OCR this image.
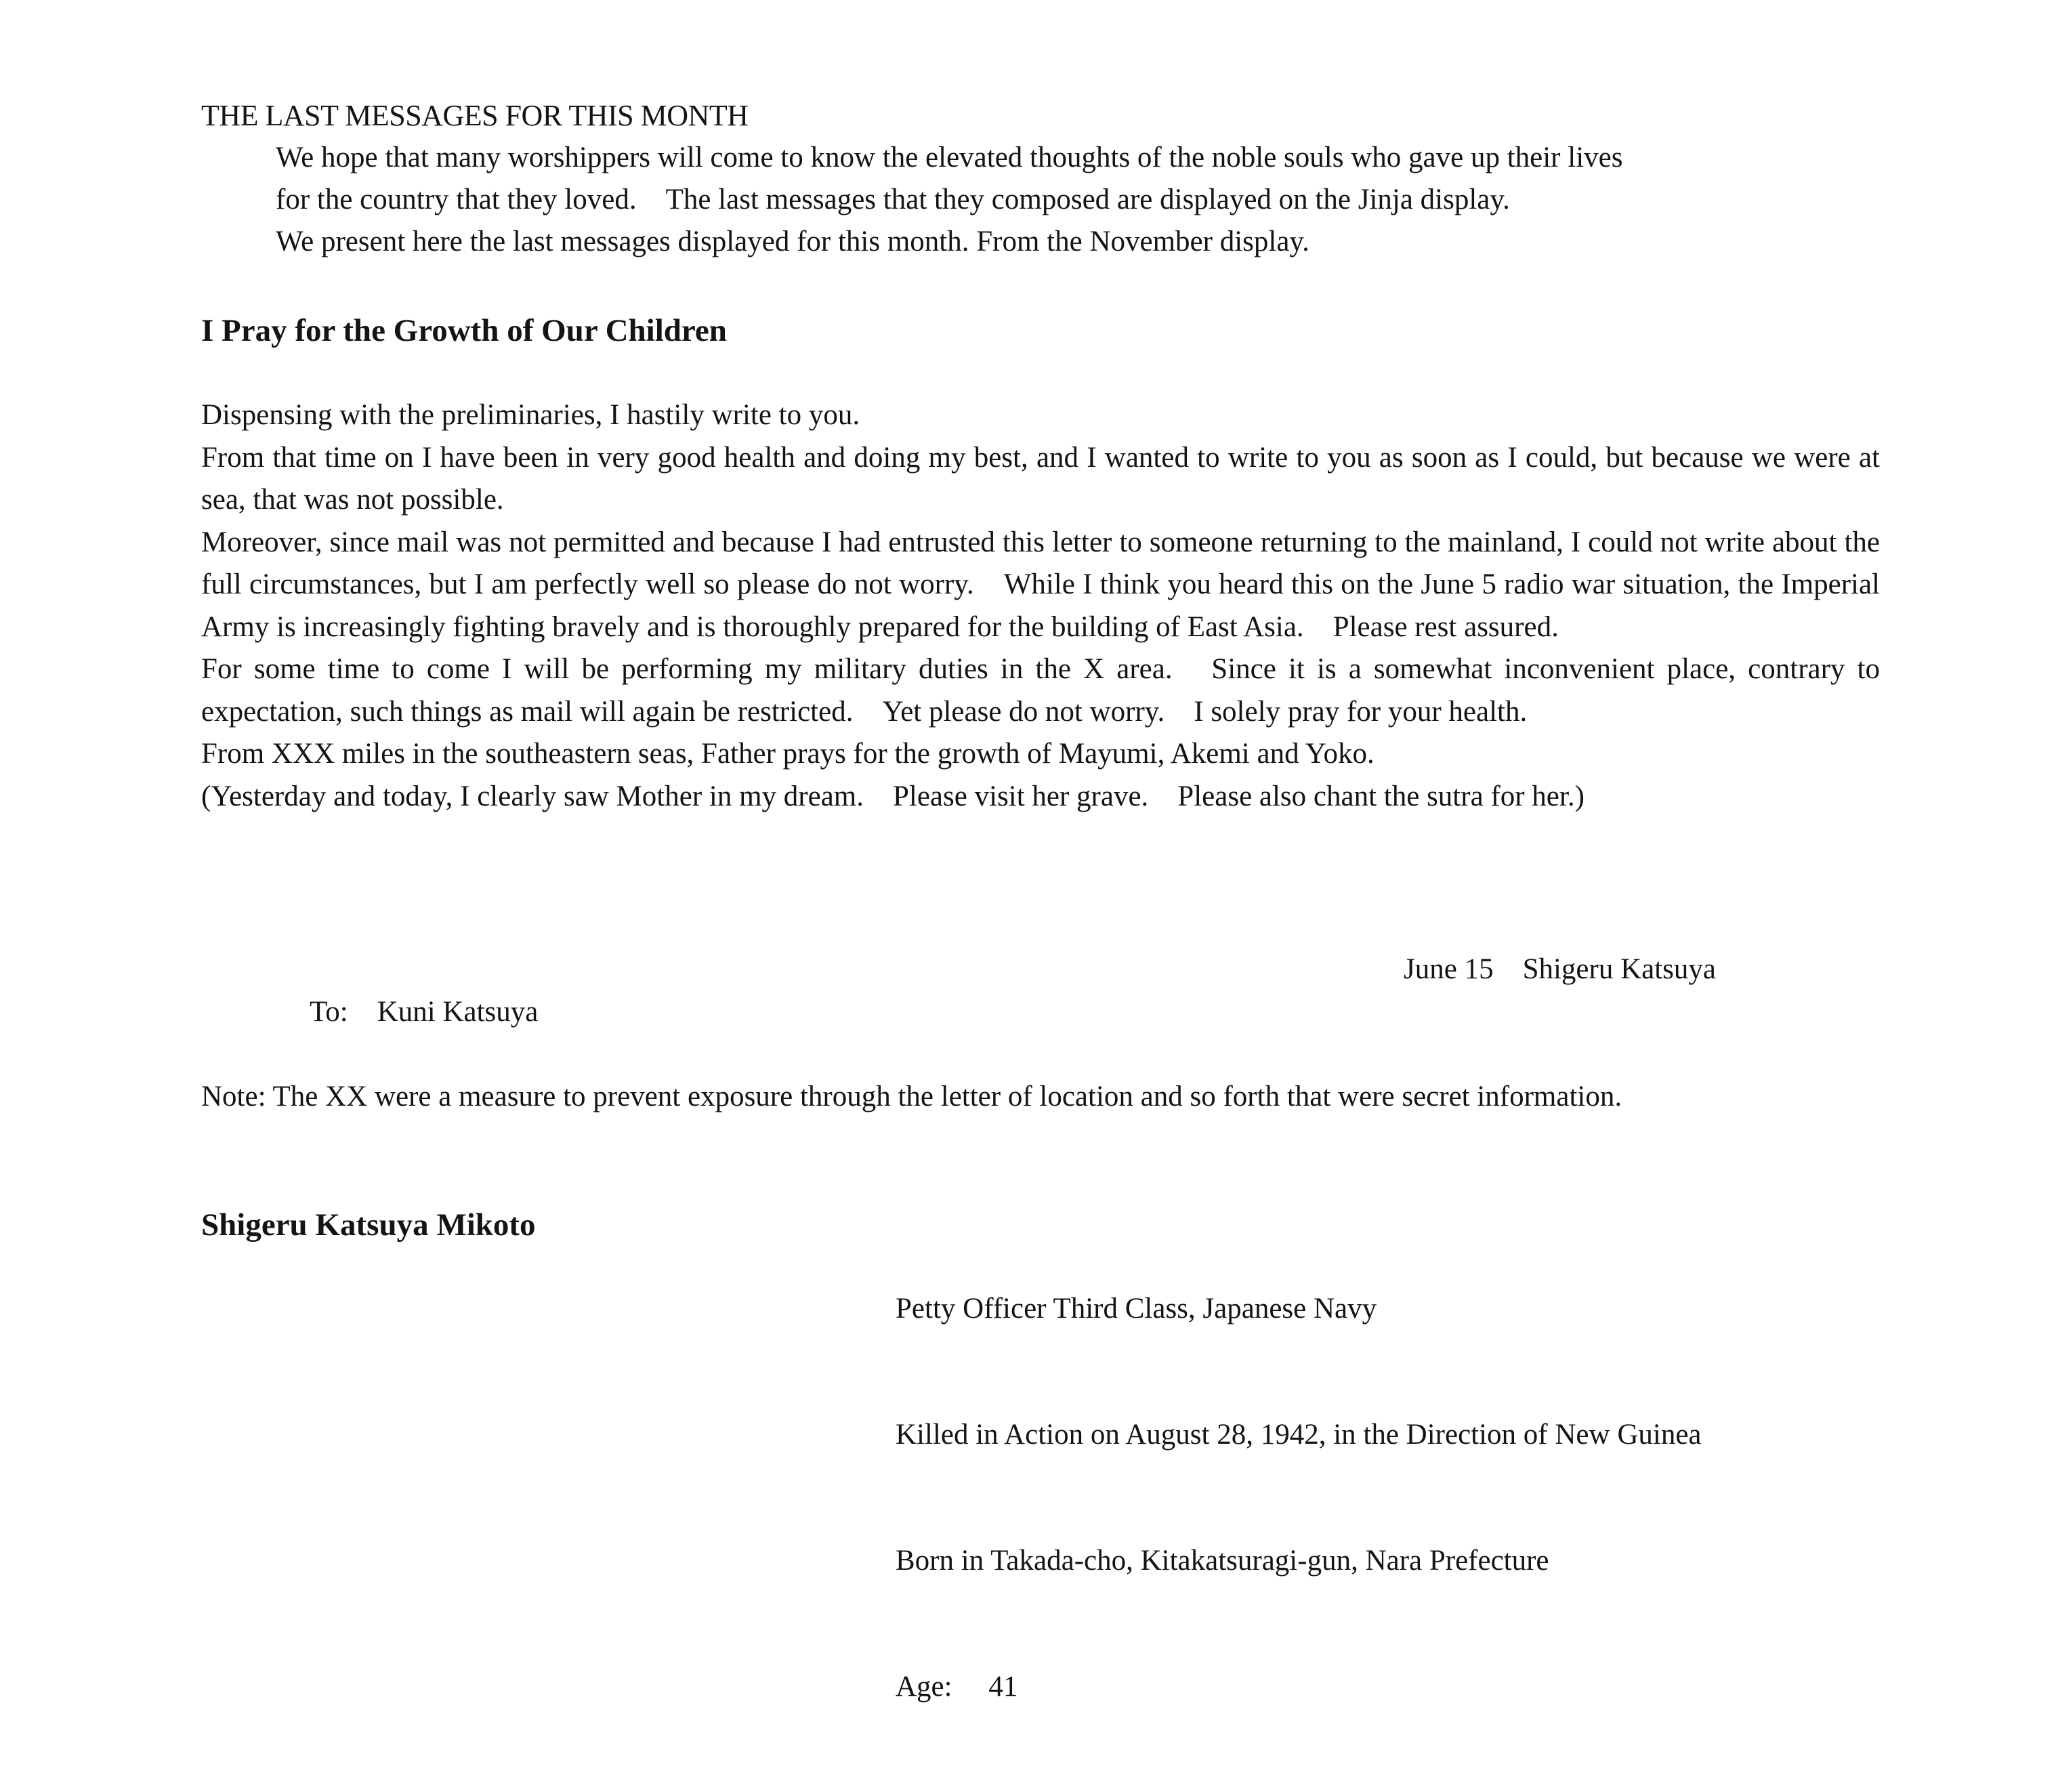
THE LAST MESSAGES FOR THIS MONTH

We hope that many worshippers will come to know the elevated thoughts of the noble souls who gave up their lives

for the country that they loved.　The last messages that they composed are displayed on the Jinja display.

We present here the last messages displayed for this month. From the November display.

I Pray for the Growth of Our Children

Dispensing with the preliminaries, I hastily write to you.

From that time on I have been in very good health and doing my best, and I wanted to write to you as soon as I could, but because we were at sea, that was not possible.

Moreover, since mail was not permitted and because I had entrusted this letter to someone returning to the mainland, I could not write about the full circumstances, but I am perfectly well so please do not worry.　While I think you heard this on the June 5 radio war situation, the Imperial Army is increasingly fighting bravely and is thoroughly prepared for the building of East Asia.　Please rest assured.

For some time to come I will be performing my military duties in the X area.　Since it is a somewhat inconvenient place, contrary to expectation, such things as mail will again be restricted.　Yet please do not worry.　I solely pray for your health.

From XXX miles in the southeastern seas, Father prays for the growth of Mayumi, Akemi and Yoko.

(Yesterday and today, I clearly saw Mother in my dream.　Please visit her grave.　Please also chant the sutra for her.)

June 15　Shigeru Katsuya
To:　Kuni Katsuya

Note: The XX were a measure to prevent exposure through the letter of location and so forth that were secret information.

Shigeru Katsuya Mikoto

Petty Officer Third Class, Japanese Navy

Killed in Action on August 28, 1942, in the Direction of New Guinea

Born in Takada-cho, Kitakatsuragi-gun, Nara Prefecture

Age:　 41
